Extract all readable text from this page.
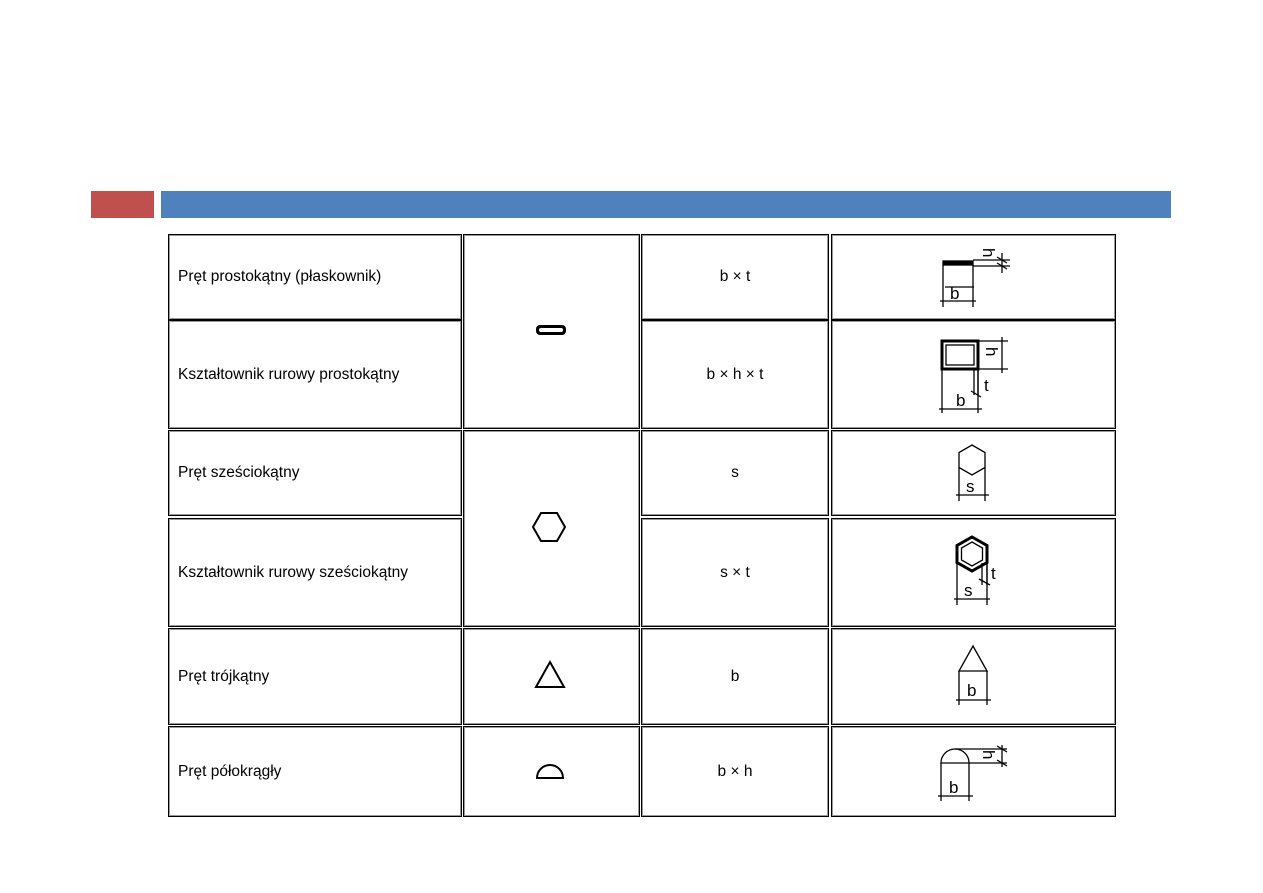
Pręt prostokątny (płaskownik)	b × t
b
h
Kształtownik rurowy prostokątny	b × h × t
b
h
t
Pręt sześciokątny	s
s
Kształtownik rurowy sześciokątny	s × t
s
t
Pręt trójkątny	b
b
Pręt półokrągły	b × h
b
h
